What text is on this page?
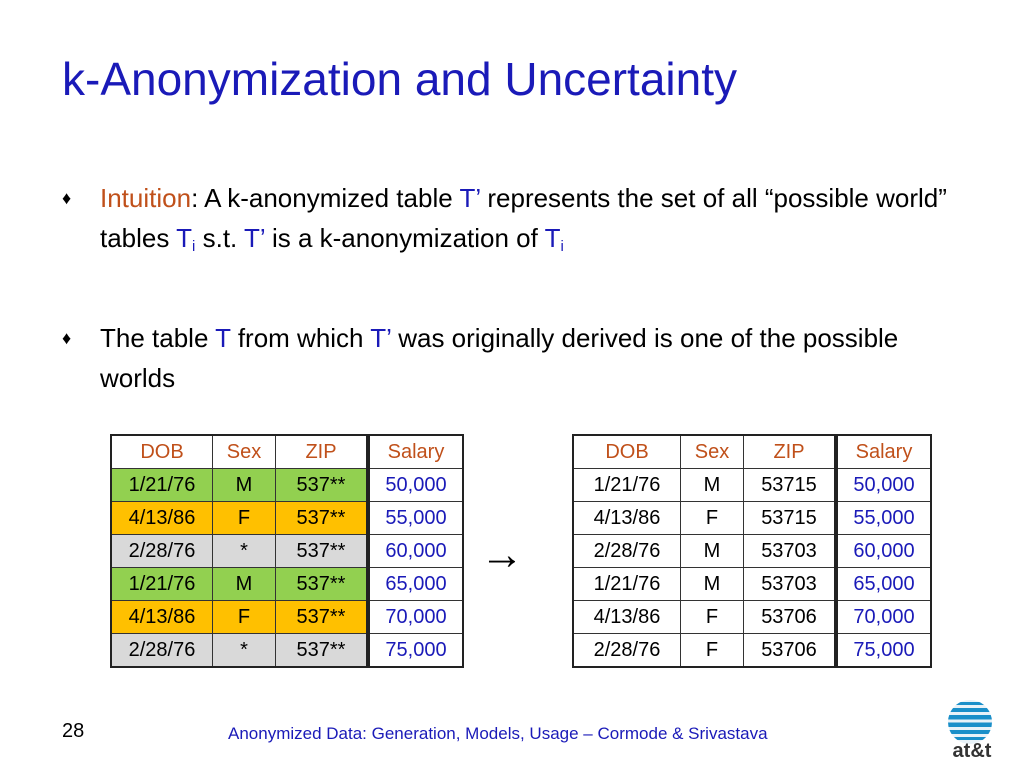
k-Anonymization and Uncertainty
♦	Intuition: A k-anonymized table T’ represents the set of all “possible world” tables $T_i$ s.t. T’ is a k-anonymization of $T_i$
♦	The table T from which T’ was originally derived is one of the possible worlds
DOB	Sex	ZIP	Salary
1/21/76	M	537**	50,000
4/13/86	F	537**	55,000
2/28/76	*	537**	60,000
1/21/76	M	537**	65,000
4/13/86	F	537**	70,000
2/28/76	*	537**	75,000
→
DOB	Sex	ZIP	Salary
1/21/76	M	53715	50,000
4/13/86	F	53715	55,000
2/28/76	M	53703	60,000
1/21/76	M	53703	65,000
4/13/86	F	53706	70,000
2/28/76	F	53706	75,000
28	Anonymized Data: Generation, Models, Usage – Cormode & Srivastava
at&t
